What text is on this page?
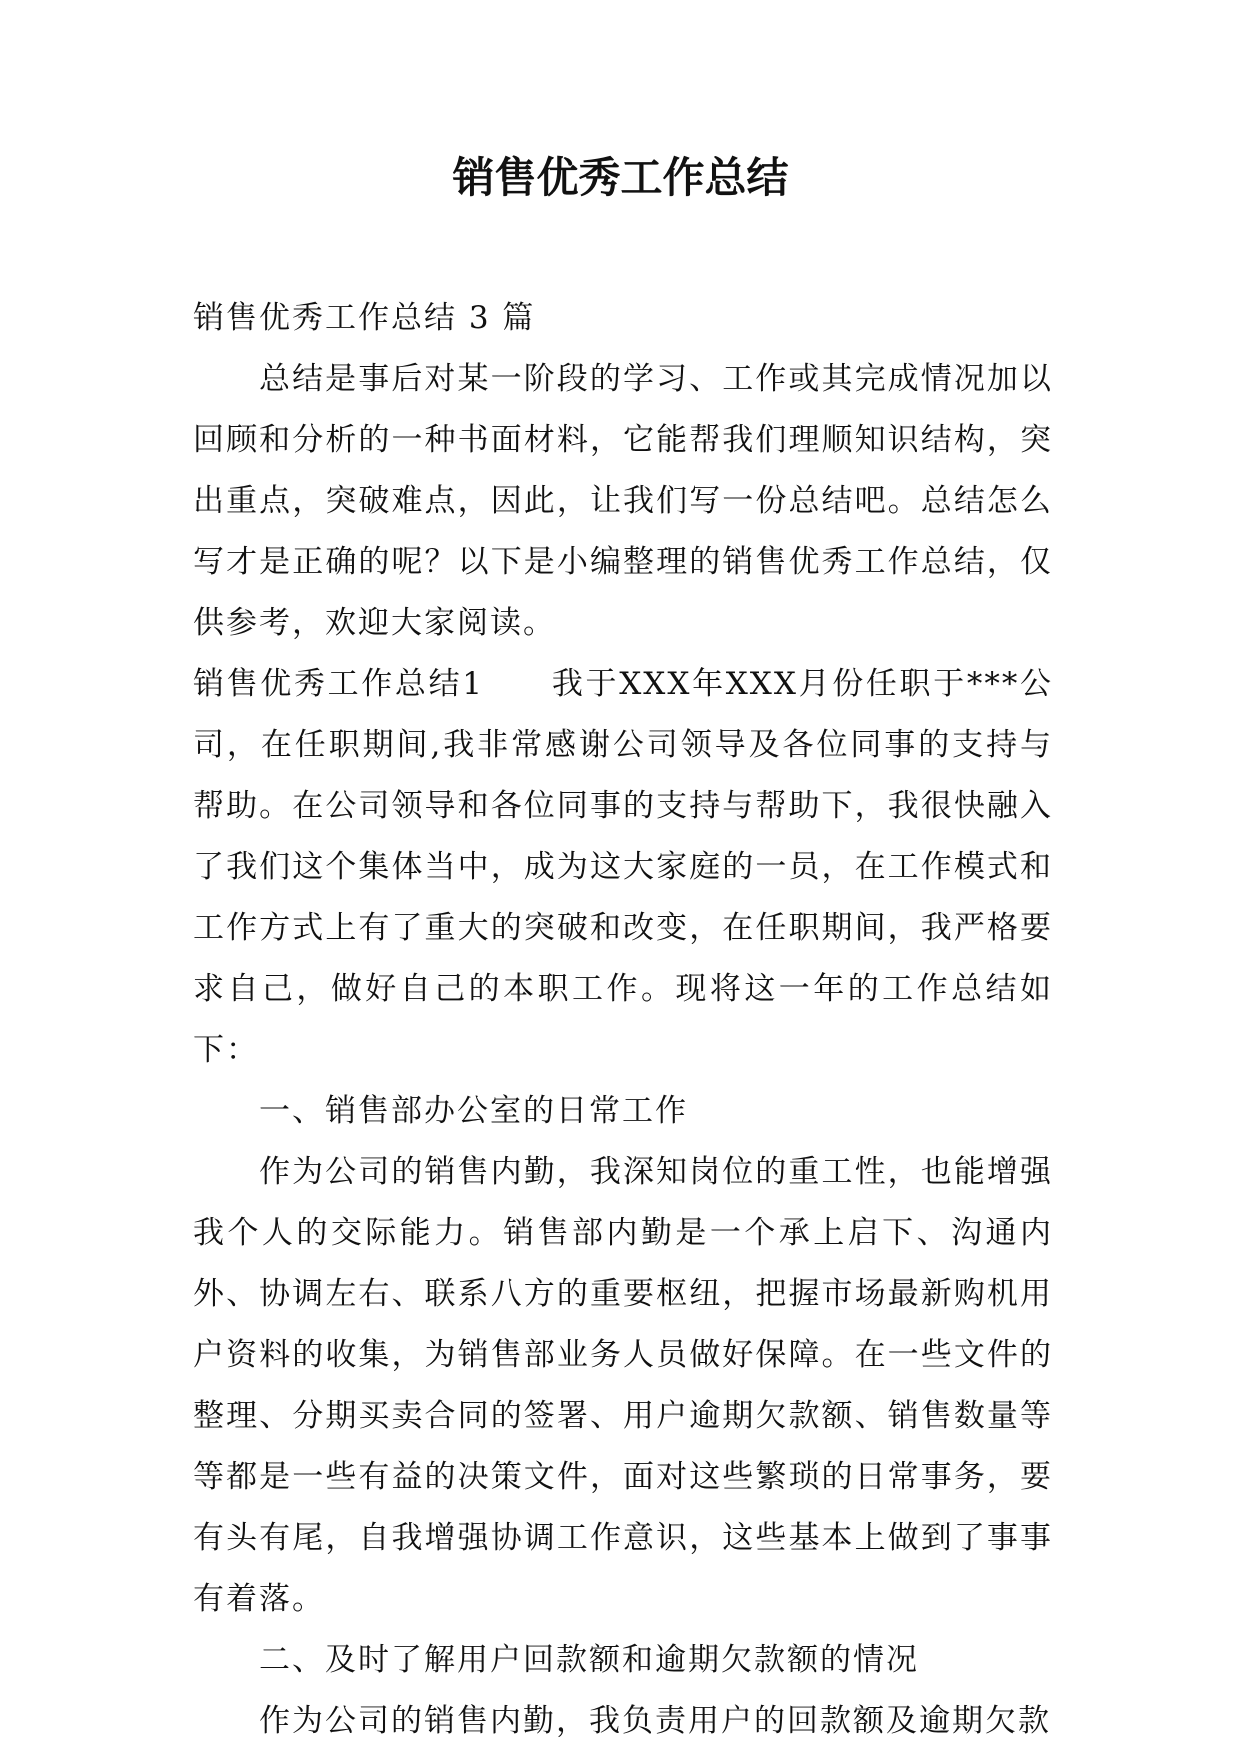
销售优秀工作总结

销售优秀工作总结 3 篇

总结是事后对某一阶段的学习、工作或其完成情况加以回顾和分析的一种书面材料，它能帮我们理顺知识结构，突出重点，突破难点，因此，让我们写一份总结吧。总结怎么写才是正确的呢？以下是小编整理的销售优秀工作总结，仅供参考，欢迎大家阅读。

销售优秀工作总结1　　我于XXX年XXX月份任职于***公司，在任职期间,我非常感谢公司领导及各位同事的支持与帮助。在公司领导和各位同事的支持与帮助下，我很快融入了我们这个集体当中，成为这大家庭的一员，在工作模式和工作方式上有了重大的突破和改变，在任职期间，我严格要求自己，做好自己的本职工作。现将这一年的工作总结如下：

一、销售部办公室的日常工作

作为公司的销售内勤，我深知岗位的重工性，也能增强我个人的交际能力。销售部内勤是一个承上启下、沟通内外、协调左右、联系八方的重要枢纽，把握市场最新购机用户资料的收集，为销售部业务人员做好保障。在一些文件的整理、分期买卖合同的签署、用户逾期欠款额、销售数量等等都是一些有益的决策文件，面对这些繁琐的日常事务，要有头有尾，自我增强协调工作意识，这些基本上做到了事事有着落。

二、及时了解用户回款额和逾期欠款额的情况

作为公司的销售内勤，我负责用户的回款额及逾期欠款
